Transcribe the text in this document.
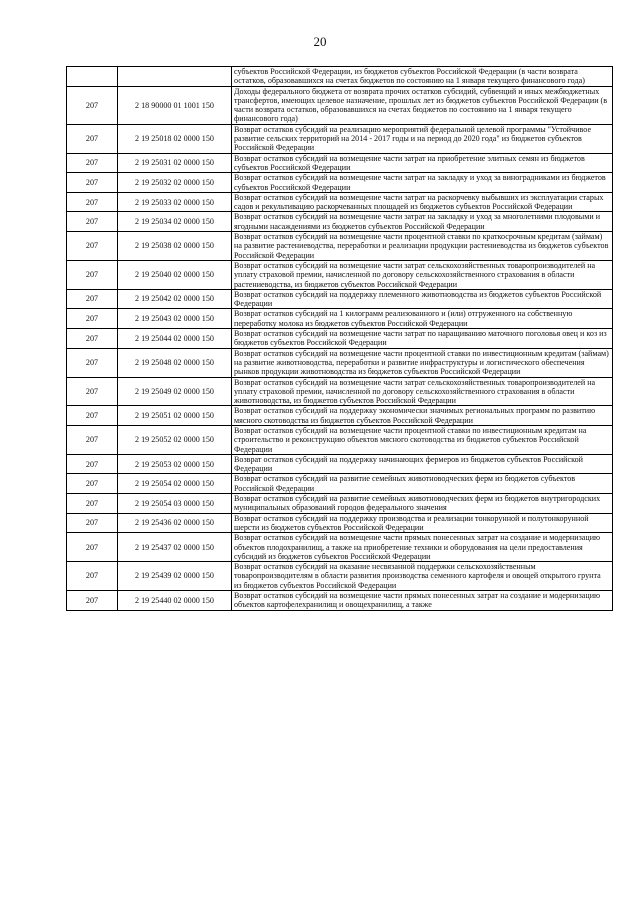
20
		субъектов Российской Федерации, из бюджетов субъектов Российской Федерации (в части возврата остатков, образовавшихся на счетах бюджетов по состоянию на 1 января текущего финансового года)
207	2 18 90000 01 1001 150	Доходы федерального бюджета от возврата прочих остатков субсидий, субвенций и иных межбюджетных трансфертов, имеющих целевое назначение, прошлых лет из бюджетов субъектов Российской Федерации (в части возврата остатков, образовавшихся на счетах бюджетов по состоянию на 1 января текущего финансового года)
207	2 19 25018 02 0000 150	Возврат остатков субсидий на реализацию мероприятий федеральной целевой программы "Устойчивое развитие сельских территорий на 2014 - 2017 годы и на период до 2020 года" из бюджетов субъектов Российской Федерации
207	2 19 25031 02 0000 150	Возврат остатков субсидий на возмещение части затрат на приобретение элитных семян из бюджетов субъектов Российской Федерации
207	2 19 25032 02 0000 150	Возврат остатков субсидий на возмещение части затрат на закладку и уход за виноградниками из бюджетов субъектов Российской Федерации
207	2 19 25033 02 0000 150	Возврат остатков субсидий на возмещение части затрат на раскорчевку выбывших из эксплуатации старых садов и рекультивацию раскорчеванных площадей из бюджетов субъектов Российской Федерации
207	2 19 25034 02 0000 150	Возврат остатков субсидий на возмещение части затрат на закладку и уход за многолетними плодовыми и ягодными насаждениями из бюджетов субъектов Российской Федерации
207	2 19 25038 02 0000 150	Возврат остатков субсидий на возмещение части процентной ставки по краткосрочным кредитам (займам) на развитие растениеводства, переработки и реализации продукции растениеводства из бюджетов субъектов Российской Федерации
207	2 19 25040 02 0000 150	Возврат остатков субсидий на возмещение части затрат сельскохозяйственных товаропроизводителей на уплату страховой премии, начисленной по договору сельскохозяйственного страхования в области растениеводства, из бюджетов субъектов Российской Федерации
207	2 19 25042 02 0000 150	Возврат остатков субсидий на поддержку племенного животноводства из бюджетов субъектов Российской Федерации
207	2 19 25043 02 0000 150	Возврат остатков субсидий на 1 килограмм реализованного и (или) отгруженного на собственную переработку молока из бюджетов субъектов Российской Федерации
207	2 19 25044 02 0000 150	Возврат остатков субсидий на возмещение части затрат по наращиванию маточного поголовья овец и коз из бюджетов субъектов Российской Федерации
207	2 19 25048 02 0000 150	Возврат остатков субсидий на возмещение части процентной ставки по инвестиционным кредитам (займам) на развитие животноводства, переработки и развитие инфраструктуры и логистического обеспечения рынков продукции животноводства из бюджетов субъектов Российской Федерации
207	2 19 25049 02 0000 150	Возврат остатков субсидий на возмещение части затрат сельскохозяйственных товаропроизводителей на уплату страховой премии, начисленной по договору сельскохозяйственного страхования в области животноводства, из бюджетов субъектов Российской Федерации
207	2 19 25051 02 0000 150	Возврат остатков субсидий на поддержку экономически значимых региональных программ по развитию мясного скотоводства из бюджетов субъектов Российской Федерации
207	2 19 25052 02 0000 150	Возврат остатков субсидий на возмещение части процентной ставки по инвестиционным кредитам на строительство и реконструкцию объектов мясного скотоводства из бюджетов субъектов Российской Федерации
207	2 19 25053 02 0000 150	Возврат остатков субсидий на поддержку начинающих фермеров из бюджетов субъектов Российской Федерации
207	2 19 25054 02 0000 150	Возврат остатков субсидий на развитие семейных животноводческих ферм из бюджетов субъектов Российской Федерации
207	2 19 25054 03 0000 150	Возврат остатков субсидий на развитие семейных животноводческих ферм из бюджетов внутригородских муниципальных образований городов федерального значения
207	2 19 25436 02 0000 150	Возврат остатков субсидий на поддержку производства и реализации тонкорунной и полутонкорунной шерсти из бюджетов субъектов Российской Федерации
207	2 19 25437 02 0000 150	Возврат остатков субсидий на возмещение части прямых понесенных затрат на создание и модернизацию объектов плодохранилищ, а также на приобретение техники и оборудования на цели предоставления субсидий из бюджетов субъектов Российской Федерации
207	2 19 25439 02 0000 150	Возврат остатков субсидий на оказание несвязанной поддержки сельскохозяйственным товаропроизводителям в области развития производства семенного картофеля и овощей открытого грунта из бюджетов субъектов Российской Федерации
207	2 19 25440 02 0000 150	Возврат остатков субсидий на возмещение части прямых понесенных затрат на создание и модернизацию объектов картофелехранилищ и овощехранилищ, а также
